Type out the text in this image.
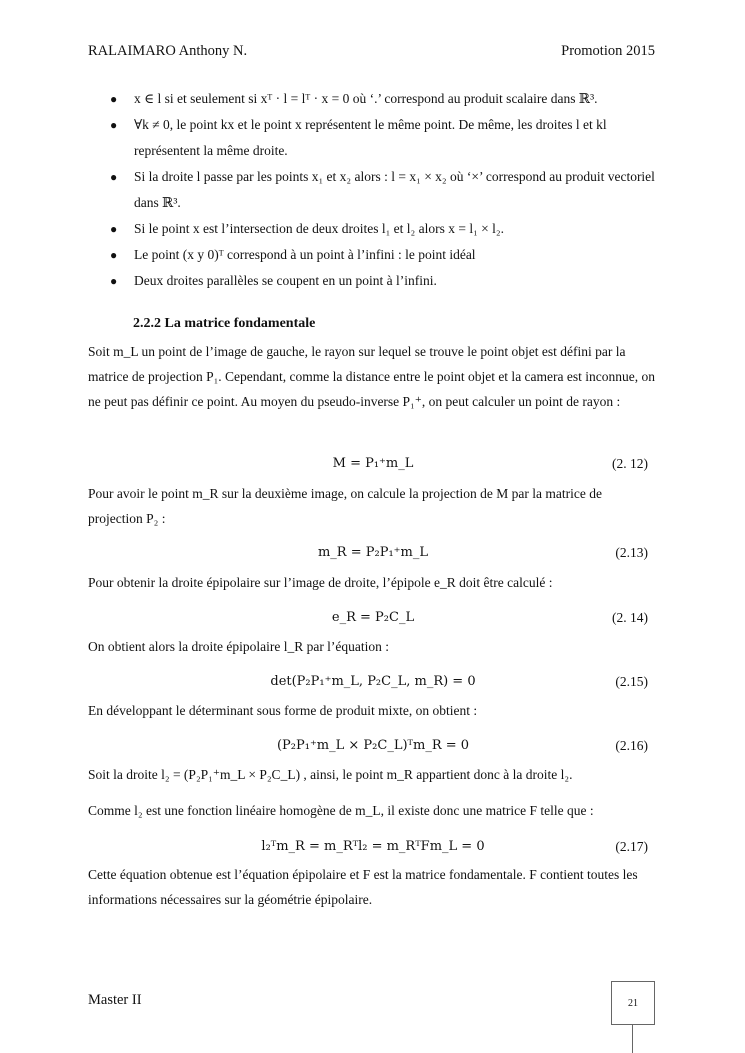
RALAIMARO Anthony N.	Promotion 2015
● x ∈ l si et seulement si xᵀ · l = lᵀ · x = 0 où ‘.’ correspond au produit scalaire dans ℝ³.
● ∀k ≠ 0, le point kx et le point x représentent le même point. De même, les droites l et kl représentent la même droite.
● Si la droite l passe par les points x₁ et x₂ alors : l = x₁ × x₂ où ‘×’ correspond au produit vectoriel dans ℝ³.
● Si le point x est l’intersection de deux droites l₁ et l₂ alors x = l₁ × l₂.
● Le point (x y 0)ᵀ correspond à un point à l’infini : le point idéal
● Deux droites parallèles se coupent en un point à l’infini.
2.2.2 La matrice fondamentale
Soit m_L un point de l’image de gauche, le rayon sur lequel se trouve le point objet est défini par la matrice de projection P₁. Cependant, comme la distance entre le point objet et la camera est inconnue, on ne peut pas définir ce point. Au moyen du pseudo-inverse P₁⁺, on peut calculer un point de rayon :
M = P₁⁺m_L	(2. 12)
Pour avoir le point m_R sur la deuxième image, on calcule la projection de M par la matrice de projection P₂ :
m_R = P₂P₁⁺m_L	(2.13)
Pour obtenir la droite épipolaire sur l’image de droite, l’épipole e_R doit être calculé :
e_R = P₂C_L	(2. 14)
On obtient alors la droite épipolaire l_R par l’équation :
det(P₂P₁⁺m_L, P₂C_L, m_R) = 0	(2.15)
En développant le déterminant sous forme de produit mixte, on obtient :
(P₂P₁⁺m_L × P₂C_L)ᵀm_R = 0	(2.16)
Soit la droite l₂ = (P₂P₁⁺m_L × P₂C_L) , ainsi, le point m_R appartient donc à la droite l₂.
Comme l₂ est une fonction linéaire homogène de m_L, il existe donc une matrice F telle que :
l₂ᵀm_R = m_Rᵀl₂ = m_RᵀFm_L = 0	(2.17)
Cette équation obtenue est l’équation épipolaire et F est la matrice fondamentale. F contient toutes les informations nécessaires sur la géométrie épipolaire.
Master II	21
